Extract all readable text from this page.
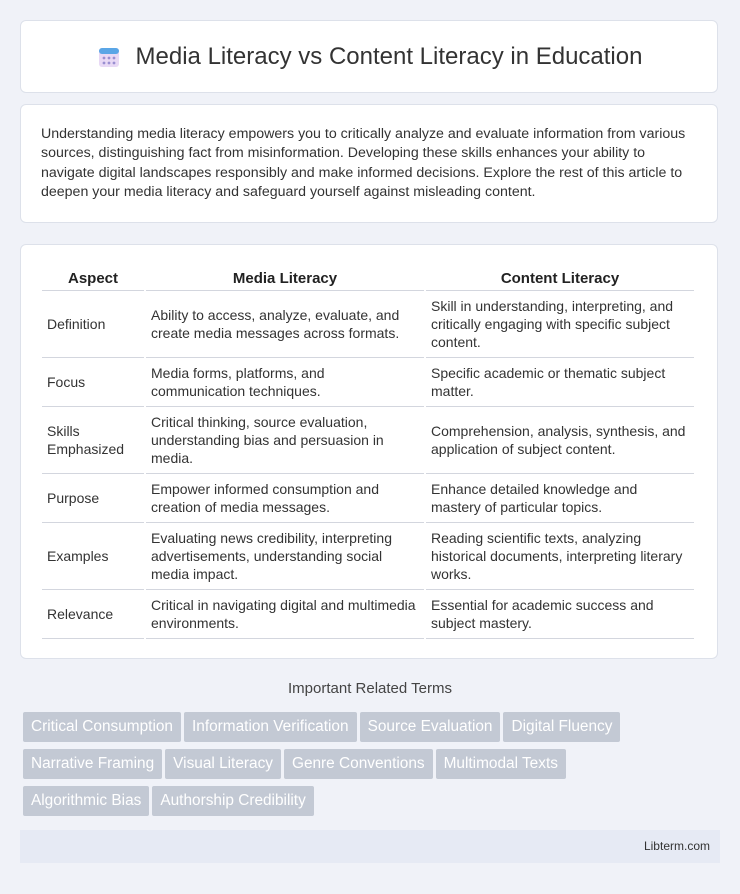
Media Literacy vs Content Literacy in Education

Understanding media literacy empowers you to critically analyze and evaluate information from various sources, distinguishing fact from misinformation. Developing these skills enhances your ability to navigate digital landscapes responsibly and make informed decisions. Explore the rest of this article to deepen your media literacy and safeguard yourself against misleading content.

Aspect	Media Literacy	Content Literacy
Definition	Ability to access, analyze, evaluate, and create media messages across formats.	Skill in understanding, interpreting, and critically engaging with specific subject content.
Focus	Media forms, platforms, and communication techniques.	Specific academic or thematic subject matter.
Skills Emphasized	Critical thinking, source evaluation, understanding bias and persuasion in media.	Comprehension, analysis, synthesis, and application of subject content.
Purpose	Empower informed consumption and creation of media messages.	Enhance detailed knowledge and mastery of particular topics.
Examples	Evaluating news credibility, interpreting advertisements, understanding social media impact.	Reading scientific texts, analyzing historical documents, interpreting literary works.
Relevance	Critical in navigating digital and multimedia environments.	Essential for academic success and subject mastery.
Important Related Terms
Critical Consumption Information Verification Source Evaluation Digital Fluency
Narrative Framing Visual Literacy Genre Conventions Multimodal Texts
Algorithmic Bias Authorship Credibility
Libterm.com
